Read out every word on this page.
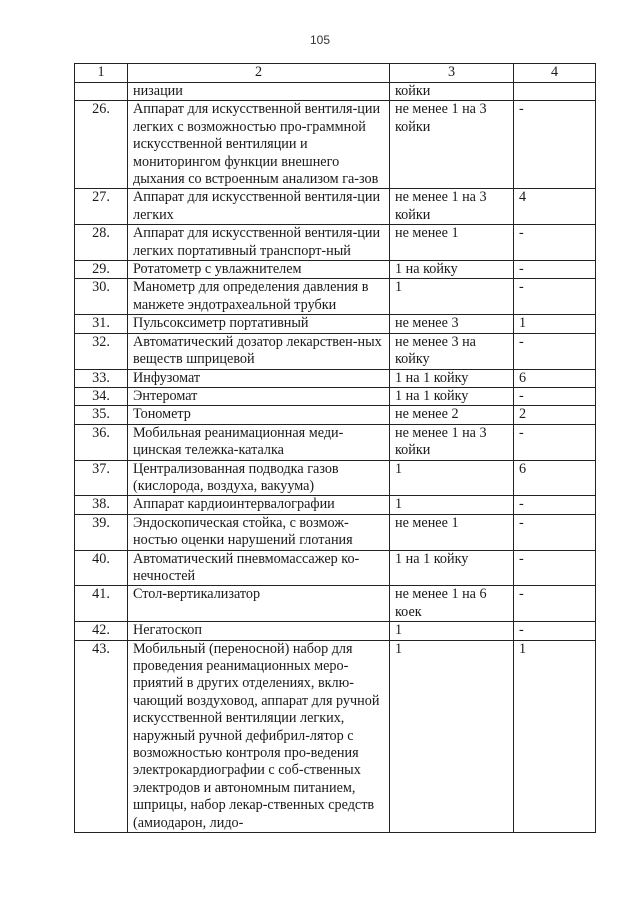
105
1	2	3	4
	низации	койки	
26.	Аппарат для искусственной вентиля-ции легких с возможностью про-граммной искусственной вентиляции и мониторингом функции внешнего дыхания со встроенным анализом га-зов	не менее 1 на 3 койки	-
27.	Аппарат для искусственной вентиля-ции легких	не менее 1 на 3 койки	4
28.	Аппарат для искусственной вентиля-ции легких портативный транспорт-ный	не менее 1	-
29.	Ротатометр с увлажнителем	1 на койку	-
30.	Манометр для определения давления в манжете эндотрахеальной трубки	1	-
31.	Пульсоксиметр портативный	не менее 3	1
32.	Автоматический дозатор лекарствен-ных веществ шприцевой	не менее 3 на койку	-
33.	Инфузомат	1 на 1 койку	6
34.	Энтеромат	1 на 1 койку	-
35.	Тонометр	не менее 2	2
36.	Мобильная реанимационная меди-цинская тележка-каталка	не менее 1 на 3 койки	-
37.	Централизованная подводка газов (кислорода, воздуха, вакуума)	1	6
38.	Аппарат кардиоинтервалографии	1	-
39.	Эндоскопическая стойка, с возмож-ностью оценки нарушений глотания	не менее 1	-
40.	Автоматический пневмомассажер ко-нечностей	1 на 1 койку	-
41.	Стол-вертикализатор	не менее 1 на 6 коек	-
42.	Негатоскоп	1	-
43.	Мобильный (переносной) набор для проведения реанимационных меро-приятий в других отделениях, вклю-чающий воздуховод, аппарат для ручной искусственной вентиляции легких, наружный ручной дефибрил-лятор с возможностью контроля про-ведения электрокардиографии с соб-ственных электродов и автономным питанием, шприцы, набор лекар-ственных средств (амиодарон, лидо-	1	1
